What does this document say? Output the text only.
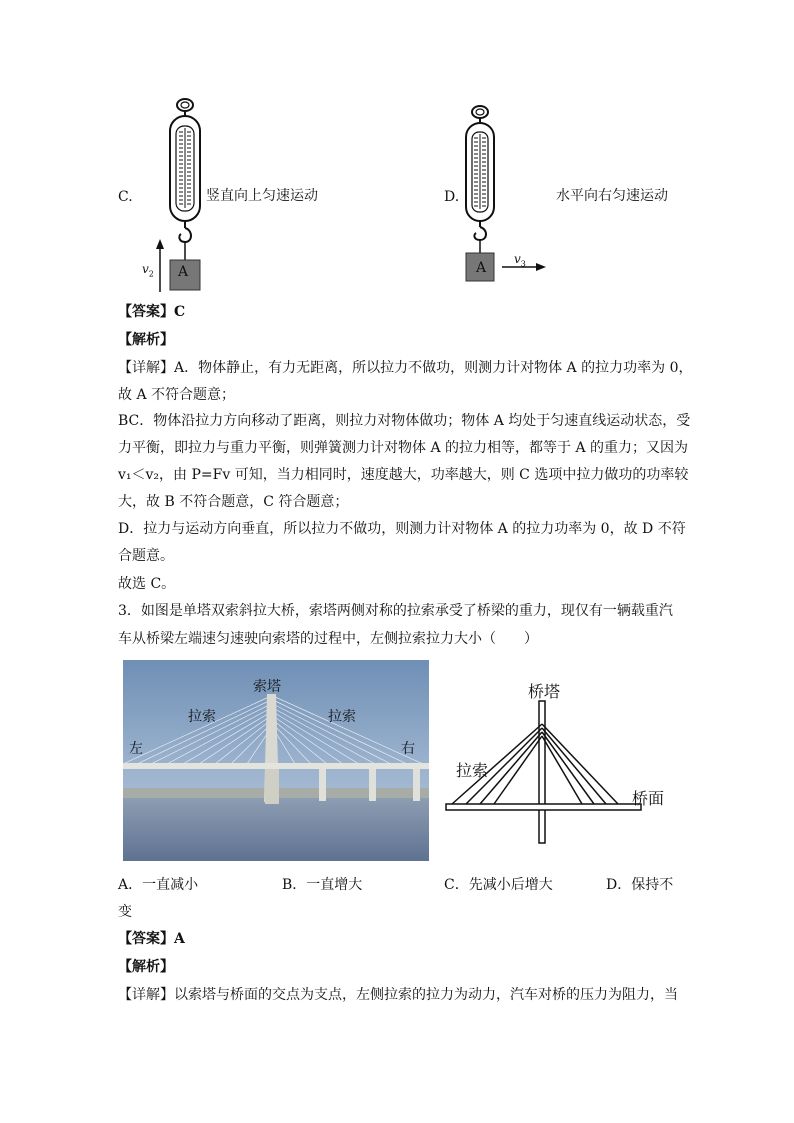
C.
A
$v_2$
竖直向上匀速运动	D.
A
$v_3$
水平向右匀速运动
【答案】C
【解析】
【详解】A．物体静止，有力无距离，所以拉力不做功，则测力计对物体 A 的拉力功率为 0，
故 A 不符合题意；
BC．物体沿拉力方向移动了距离，则拉力对物体做功；物体 A 均处于匀速直线运动状态，受
力平衡，即拉力与重力平衡，则弹簧测力计对物体 A 的拉力相等，都等于 A 的重力；又因为
v₁＜v₂，由 P=Fv 可知，当力相同时，速度越大，功率越大，则 C 选项中拉力做功的功率较
大，故 B 不符合题意，C 符合题意；
D．拉力与运动方向垂直，所以拉力不做功，则测力计对物体 A 的拉力功率为 0，故 D 不符
合题意。
故选 C。
3．如图是单塔双索斜拉大桥，索塔两侧对称的拉索承受了桥梁的重力，现仅有一辆载重汽
车从桥梁左端速匀速驶向索塔的过程中，左侧拉索拉力大小（　　）
索塔
拉索	拉索
左	右
桥塔
拉索
桥面
A．一直减小	B．一直增大	C．先减小后增大	D．保持不
变
【答案】A
【解析】
【详解】以索塔与桥面的交点为支点，左侧拉索的拉力为动力，汽车对桥的压力为阻力，当
